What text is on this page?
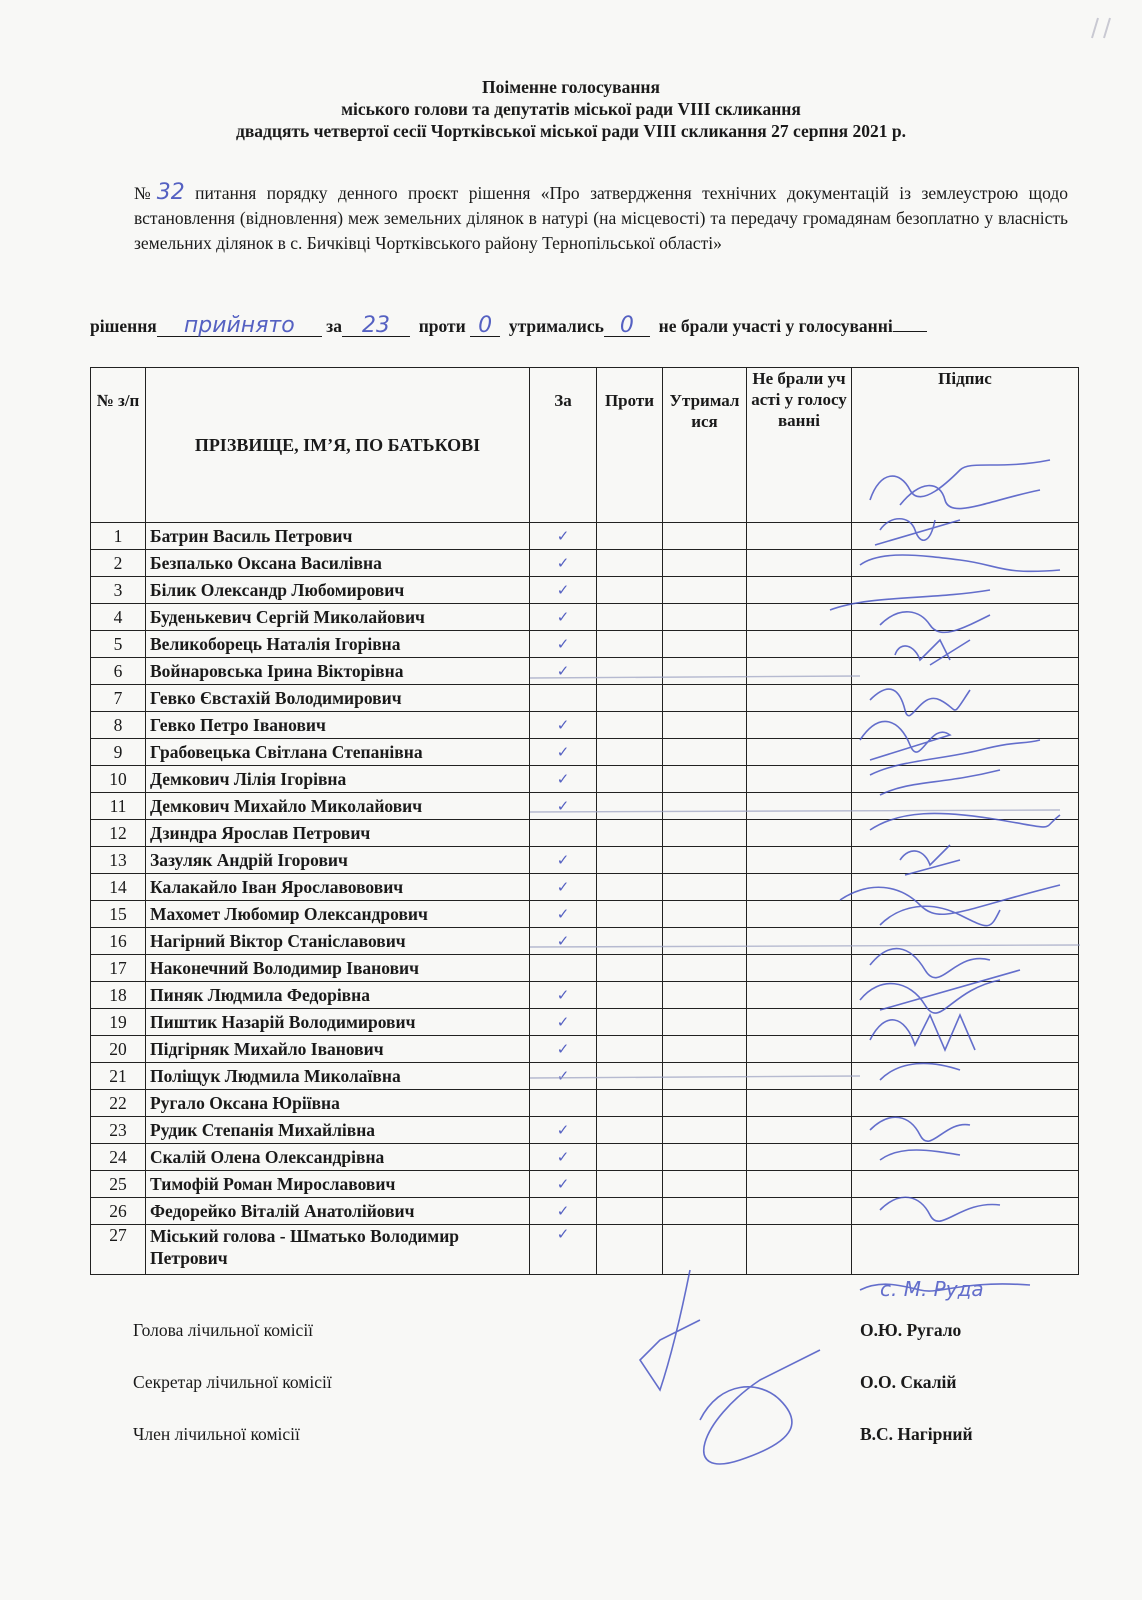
Поіменне голосування
міського голови та депутатів міської ради VIII скликання
двадцять четвертої сесії Чортківської міської ради VIII скликання 27 серпня 2021 р.
№32 питання порядку денного проєкт рішення «Про затвердження технічних документацій із землеустрою щодо встановлення (відновлення) меж земельних ділянок в натурі (на місцевості) та передачу громадянам безоплатно у власність земельних ділянок в с. Бичківці Чортківського району Тернопільської області»
рішення прийнято за 23 проти 0 утримались 0 не брали участі у голосуванні
№ з/п	ПРІЗВИЩЕ, ІМ’Я, ПО БАТЬКОВІ	За	Проти	Утрималися	Не брали участі у голосуванні	Підпис
1	Батрин Василь Петрович	✓				
2	Безпалько Оксана Василівна	✓				
3	Білик Олександр Любомирович	✓				
4	Буденькевич Сергій Миколайович	✓				
5	Великоборець Наталія Ігорівна	✓				
6	Войнаровська Ірина Вікторівна	✓				
7	Гевко Євстахій Володимирович					
8	Гевко Петро Іванович	✓				
9	Грабовецька Світлана Степанівна	✓				
10	Демкович Лілія Ігорівна	✓				
11	Демкович Михайло Миколайович	✓				
12	Дзиндра Ярослав Петрович					
13	Зазуляк Андрій Ігорович	✓				
14	Калакайло Іван Ярославовович	✓				
15	Махомет Любомир Олександрович	✓				
16	Нагірний Віктор Станіславович	✓				
17	Наконечний Володимир Іванович					
18	Пиняк Людмила Федорівна	✓				
19	Пиштик Назарій Володимирович	✓				
20	Підгірняк Михайло Іванович	✓				
21	Поліщук Людмила Миколаївна	✓				
22	Ругало Оксана Юріївна					
23	Рудик Степанія Михайлівна	✓				
24	Скалій Олена Олександрівна	✓				
25	Тимофій Роман Мирославович	✓				
26	Федорейко Віталій Анатолійович	✓				
27	Міський голова - Шматько Володимир Петрович	✓				
с. М. Руда
Голова лічильної комісії	О.Ю. Ругало
Секретар лічильної комісії	О.О. Скалій
Член лічильної комісії	В.С. Нагірний
